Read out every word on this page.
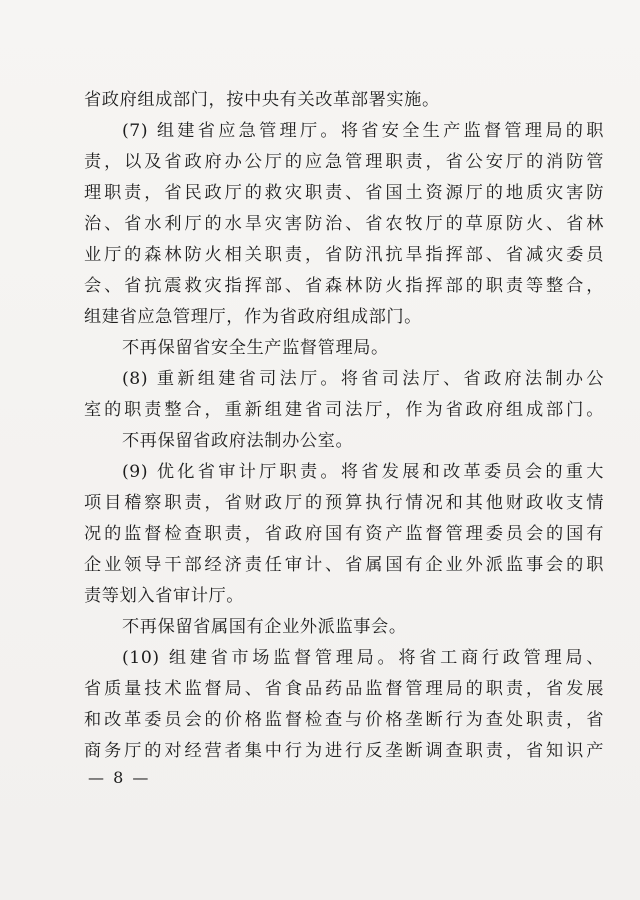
省政府组成部门，按中央有关改革部署实施。
(7) 组建省应急管理厅。将省安全生产监督管理局的职
责，以及省政府办公厅的应急管理职责，省公安厅的消防管
理职责，省民政厅的救灾职责、省国土资源厅的地质灾害防
治、省水利厅的水旱灾害防治、省农牧厅的草原防火、省林
业厅的森林防火相关职责，省防汛抗旱指挥部、省减灾委员
会、省抗震救灾指挥部、省森林防火指挥部的职责等整合，
组建省应急管理厅，作为省政府组成部门。
不再保留省安全生产监督管理局。
(8) 重新组建省司法厅。将省司法厅、省政府法制办公
室的职责整合，重新组建省司法厅，作为省政府组成部门。
不再保留省政府法制办公室。
(9) 优化省审计厅职责。将省发展和改革委员会的重大
项目稽察职责，省财政厅的预算执行情况和其他财政收支情
况的监督检查职责，省政府国有资产监督管理委员会的国有
企业领导干部经济责任审计、省属国有企业外派监事会的职
责等划入省审计厅。
不再保留省属国有企业外派监事会。
(10) 组建省市场监督管理局。将省工商行政管理局、
省质量技术监督局、省食品药品监督管理局的职责，省发展
和改革委员会的价格监督检查与价格垄断行为查处职责，省
商务厅的对经营者集中行为进行反垄断调查职责，省知识产
— 8 —
